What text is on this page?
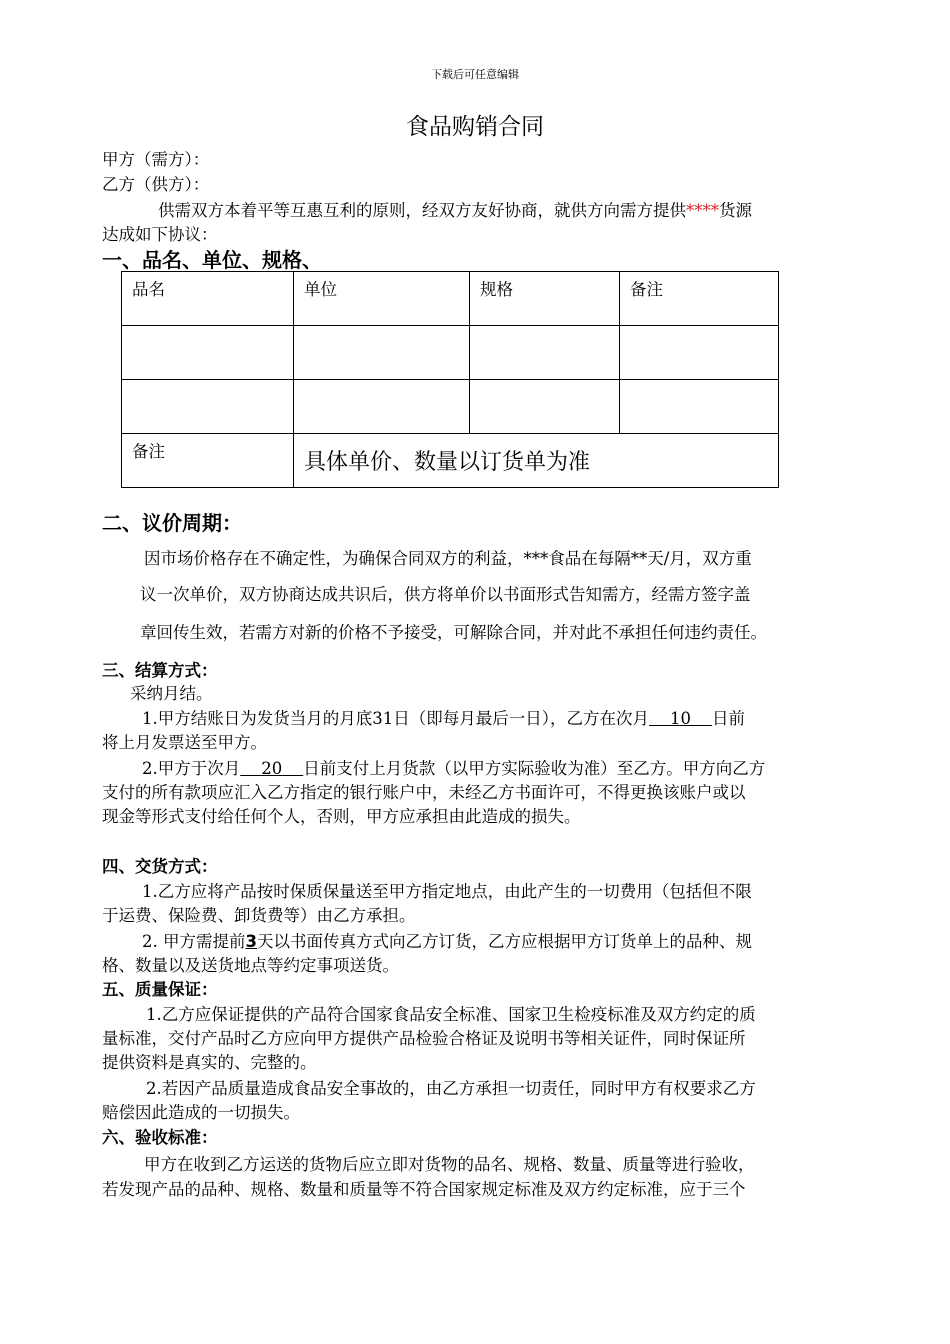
下载后可任意编辑
食品购销合同
甲方（需方）：
乙方（供方）：
供需双方本着平等互惠互利的原则，经双方友好协商，就供方向需方提供****货源
达成如下协议：
一、品名、单位、规格、
品名	单位	规格	备注

备注	具体单价、数量以订货单为准		
二、议价周期：
因市场价格存在不确定性，为确保合同双方的利益，***食品在每隔**天/月，双方重
议一次单价，双方协商达成共识后，供方将单价以书面形式告知需方，经需方签字盖
章回传生效，若需方对新的价格不予接受，可解除合同，并对此不承担任何违约责任。
三、结算方式：
采纳月结。
1.甲方结账日为发货当月的月底31日（即每月最后一日），乙方在次月 10 日前
将上月发票送至甲方。
2.甲方于次月 20 日前支付上月货款（以甲方实际验收为准）至乙方。甲方向乙方
支付的所有款项应汇入乙方指定的银行账户中，未经乙方书面许可，不得更换该账户或以
现金等形式支付给任何个人，否则，甲方应承担由此造成的损失。
四、交货方式：
1.乙方应将产品按时保质保量送至甲方指定地点，由此产生的一切费用（包括但不限
于运费、保险费、卸货费等）由乙方承担。
2. 甲方需提前3天以书面传真方式向乙方订货，乙方应根据甲方订货单上的品种、规
格、数量以及送货地点等约定事项送货。
五、质量保证：
1.乙方应保证提供的产品符合国家食品安全标准、国家卫生检疫标准及双方约定的质
量标准，交付产品时乙方应向甲方提供产品检验合格证及说明书等相关证件，同时保证所
提供资料是真实的、完整的。
2.若因产品质量造成食品安全事故的，由乙方承担一切责任，同时甲方有权要求乙方
赔偿因此造成的一切损失。
六、验收标准：
甲方在收到乙方运送的货物后应立即对货物的品名、规格、数量、质量等进行验收，
若发现产品的品种、规格、数量和质量等不符合国家规定标准及双方约定标准，应于三个
